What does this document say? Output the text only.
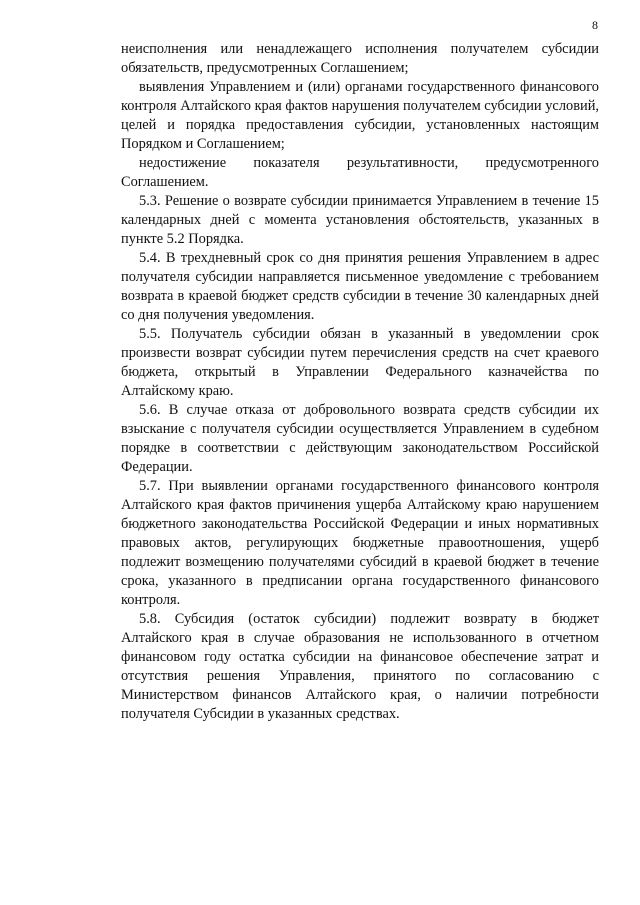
8

неисполнения или ненадлежащего исполнения получателем субсидии обязательств, предусмотренных Соглашением;

выявления Управлением и (или) органами государственного финансового контроля Алтайского края фактов нарушения получателем субсидии условий, целей и порядка предоставления субсидии, установленных настоящим Порядком и Соглашением;

недостижение показателя результативности, предусмотренного Соглашением.

5.3. Решение о возврате субсидии принимается Управлением в течение 15 календарных дней с момента установления обстоятельств, указанных в пункте 5.2 Порядка.

5.4. В трехдневный срок со дня принятия решения Управлением в адрес получателя субсидии направляется письменное уведомление с требованием возврата в краевой бюджет средств субсидии в течение 30 календарных дней со дня получения уведомления.

5.5. Получатель субсидии обязан в указанный в уведомлении срок произвести возврат субсидии путем перечисления средств на счет краевого бюджета, открытый в Управлении Федерального казначейства по Алтайскому краю.

5.6. В случае отказа от добровольного возврата средств субсидии их взыскание с получателя субсидии осуществляется Управлением в судебном порядке в соответствии с действующим законодательством Российской Федерации.

5.7. При выявлении органами государственного финансового контроля Алтайского края фактов причинения ущерба Алтайскому краю нарушением бюджетного законодательства Российской Федерации и иных нормативных правовых актов, регулирующих бюджетные правоотношения, ущерб подлежит возмещению получателями субсидий в краевой бюджет в течение срока, указанного в предписании органа государственного финансового контроля.

5.8. Субсидия (остаток субсидии) подлежит возврату в бюджет Алтайского края в случае образования не использованного в отчетном финансовом году остатка субсидии на финансовое обеспечение затрат и отсутствия решения Управления, принятого по согласованию с Министерством финансов Алтайского края, о наличии потребности получателя Субсидии в указанных средствах.
